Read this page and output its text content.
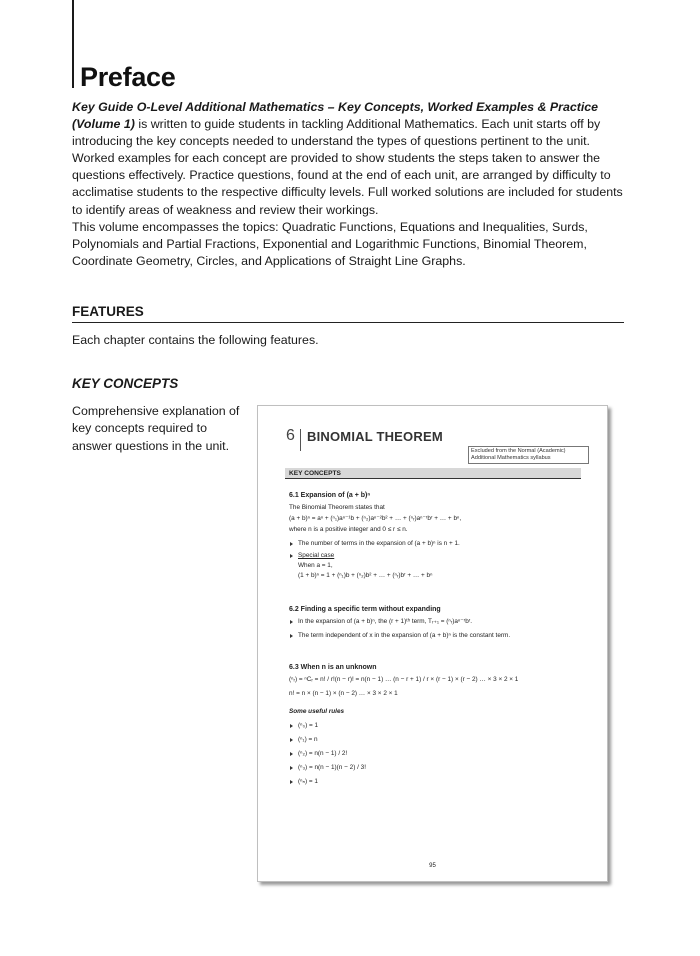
Preface
Key Guide O-Level Additional Mathematics – Key Concepts, Worked Examples & Practice (Volume 1) is written to guide students in tackling Additional Mathematics. Each unit starts off by introducing the key concepts needed to understand the types of questions pertinent to the unit. Worked examples for each concept are provided to show students the steps taken to answer the questions effectively. Practice questions, found at the end of each unit, are arranged by difficulty to acclimatise students to the respective difficulty levels. Full worked solutions are included for students to identify areas of weakness and review their workings.
This volume encompasses the topics: Quadratic Functions, Equations and Inequalities, Surds, Polynomials and Partial Fractions, Exponential and Logarithmic Functions, Binomial Theorem, Coordinate Geometry, Circles, and Applications of Straight Line Graphs.
FEATURES
Each chapter contains the following features.
KEY CONCEPTS
Comprehensive explanation of key concepts required to answer questions in the unit.
6 BINOMIAL THEOREM
Excluded from the Normal (Academic) Additional Mathematics syllabus
KEY CONCEPTS
6.1 Expansion of (a + b)ⁿ
The Binomial Theorem states that
(a + b)ⁿ = aⁿ + (ⁿ₁)aⁿ⁻¹b + (ⁿ₂)aⁿ⁻²b² + … + (ⁿᵣ)aⁿ⁻ʳbʳ + … + bⁿ,
where n is a positive integer and 0 ≤ r ≤ n.
The number of terms in the expansion of (a + b)ⁿ is n + 1.
Special case
When a = 1,
(1 + b)ⁿ = 1 + (ⁿ₁)b + (ⁿ₂)b² + … + (ⁿᵣ)bʳ + … + bⁿ
6.2 Finding a specific term without expanding
In the expansion of (a + b)ⁿ, the (r + 1)ᵗʰ term, Tᵣ₊₁ = (ⁿᵣ)aⁿ⁻ʳbʳ.
The term independent of x in the expansion of (a + b)ⁿ is the constant term.
6.3 When n is an unknown
(ⁿᵣ) = ⁿCᵣ = n! / r!(n − r)! = n(n − 1) … (n − r + 1) / r × (r − 1) × (r − 2) … × 3 × 2 × 1
n! = n × (n − 1) × (n − 2) … × 3 × 2 × 1
Some useful rules
(ⁿ₀) = 1
(ⁿ₁) = n
(ⁿ₂) = n(n − 1) / 2!
(ⁿ₃) = n(n − 1)(n − 2) / 3!
(ⁿₙ) = 1
95
